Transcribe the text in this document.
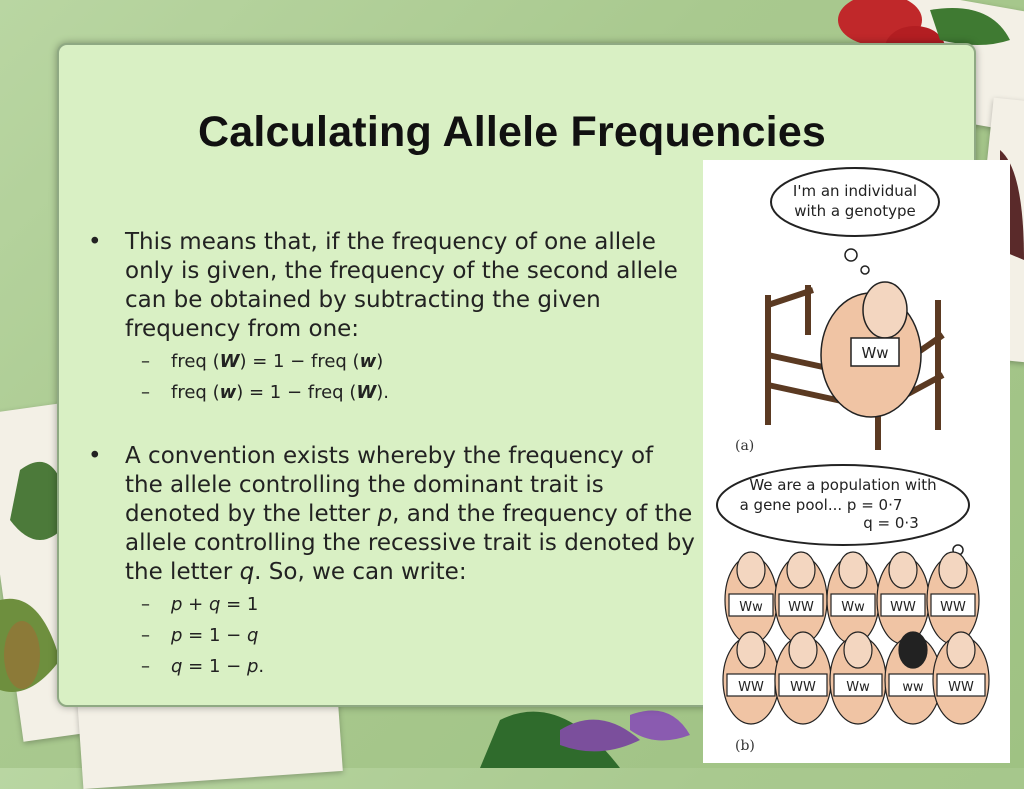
Calculating Allele Frequencies
• This means that, if the frequency of one allele only is given, the frequency of the second allele can be obtained by subtracting the given frequency from one:
– freq (W) = 1 − freq (w)
– freq (w) = 1 − freq (W).
• A convention exists whereby the frequency of the allele controlling the dominant trait is denoted by the letter p, and the frequency of the allele controlling the recessive trait is denoted by the letter q. So, we can write:
– p + q = 1
– p = 1 − q
– q = 1 − p.
I'm an individual
with a genotype
Ww
(a)
We are a population with
a gene pool... p = 0·7
q = 0·3
Ww WW Ww WW WW
WW WW Ww	ww WW
(b)
